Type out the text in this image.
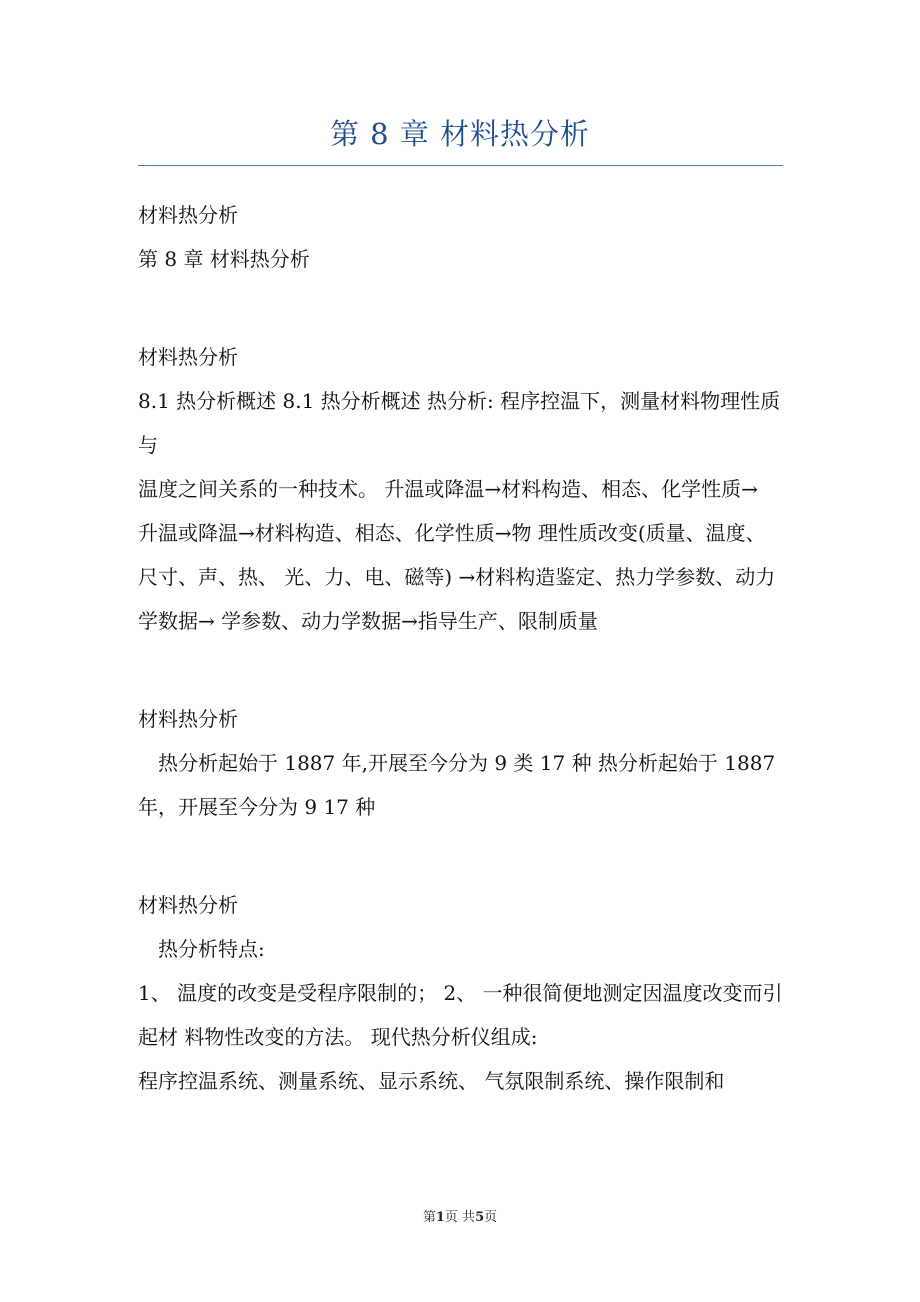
第 8 章 材料热分析

材料热分析

第 8 章 材料热分析

材料热分析

8.1 热分析概述 8.1 热分析概述 热分析: 程序控温下，测量材料物理性质与

温度之间关系的一种技术。 升温或降温→材料构造、相态、化学性质→ 升温或降温→材料构造、相态、化学性质→物 理性质改变(质量、温度、尺寸、声、热、 光、力、电、磁等) →材料构造鉴定、热力学参数、动力学数据→ 学参数、动力学数据→指导生产、限制质量

材料热分析

热分析起始于 1887 年,开展至今分为 9 类 17 种 热分析起始于 1887 年，开展至今分为 9 17 种

材料热分析

热分析特点:

1、 温度的改变是受程序限制的； 2、 一种很简便地测定因温度改变而引起材 料物性改变的方法。 现代热分析仪组成:

程序控温系统、测量系统、显示系统、 气氛限制系统、操作限制和

第1页 共5页
